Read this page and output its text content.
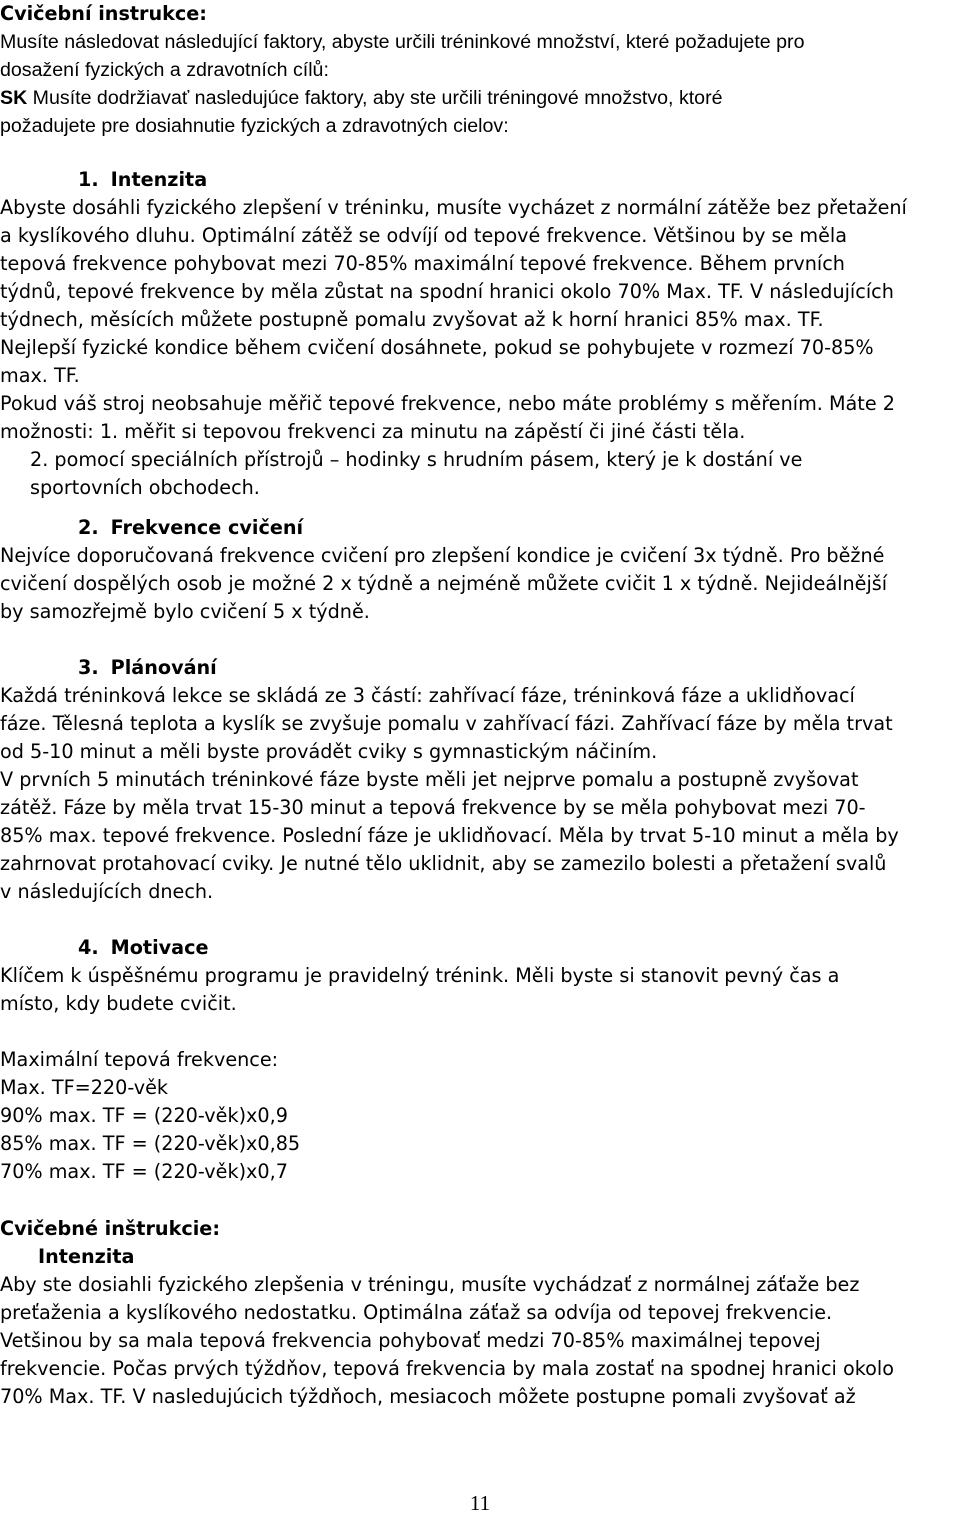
Cvičební instrukce:
Musíte následovat následující faktory, abyste určili tréninkové množství, které požadujete pro
dosažení fyzických a zdravotních cílů:
SK Musíte dodržiavať nasledujúce faktory, aby ste určili tréningové množstvo, ktoré
požadujete pre dosiahnutie fyzických a zdravotných cielov:
1. Intenzita
Abyste dosáhli fyzického zlepšení v tréninku, musíte vycházet z normální zátěže bez přetažení
a kyslíkového dluhu. Optimální zátěž se odvíjí od tepové frekvence. Většinou by se měla
tepová frekvence pohybovat mezi 70-85% maximální tepové frekvence. Během prvních
týdnů, tepové frekvence by měla zůstat na spodní hranici okolo 70% Max. TF. V následujících
týdnech, měsících můžete postupně pomalu zvyšovat až k horní hranici 85% max. TF.
Nejlepší fyzické kondice během cvičení dosáhnete, pokud se pohybujete v rozmezí 70-85%
max. TF.
Pokud váš stroj neobsahuje měřič tepové frekvence, nebo máte problémy s měřením. Máte 2
možnosti: 1. měřit si tepovou frekvenci za minutu na zápěstí či jiné části těla.
2. pomocí speciálních přístrojů – hodinky s hrudním pásem, který je k dostání ve
sportovních obchodech.
2. Frekvence cvičení
Nejvíce doporučovaná frekvence cvičení pro zlepšení kondice je cvičení 3x týdně. Pro běžné
cvičení dospělých osob je možné 2 x týdně a nejméně můžete cvičit 1 x týdně. Nejideálnější
by samozřejmě bylo cvičení 5 x týdně.
3. Plánování
Každá tréninková lekce se skládá ze 3 částí: zahřívací fáze, tréninková fáze a uklidňovací
fáze. Tělesná teplota a kyslík se zvyšuje pomalu v zahřívací fázi. Zahřívací fáze by měla trvat
od 5-10 minut a měli byste provádět cviky s gymnastickým náčiním.
V prvních 5 minutách tréninkové fáze byste měli jet nejprve pomalu a postupně zvyšovat
zátěž. Fáze by měla trvat 15-30 minut a tepová frekvence by se měla pohybovat mezi 70-
85% max. tepové frekvence. Poslední fáze je uklidňovací. Měla by trvat 5-10 minut a měla by
zahrnovat protahovací cviky. Je nutné tělo uklidnit, aby se zamezilo bolesti a přetažení svalů
v následujících dnech.
4. Motivace
Klíčem k úspěšnému programu je pravidelný trénink. Měli byste si stanovit pevný čas a
místo, kdy budete cvičit.
Maximální tepová frekvence:
Max. TF=220-věk
90% max. TF = (220-věk)x0,9
85% max. TF = (220-věk)x0,85
70% max. TF = (220-věk)x0,7
Cvičebné inštrukcie:
Intenzita
Aby ste dosiahli fyzického zlepšenia v tréningu, musíte vychádzať z normálnej záťaže bez
preťaženia a kyslíkového nedostatku. Optimálna záťaž sa odvíja od tepovej frekvencie.
Vetšinou by sa mala tepová frekvencia pohybovať medzi 70-85% maximálnej tepovej
frekvencie. Počas prvých týždňov, tepová frekvencia by mala zostať na spodnej hranici okolo
70% Max. TF. V nasledujúcich týždňoch, mesiacoch môžete postupne pomali zvyšovať až
11
